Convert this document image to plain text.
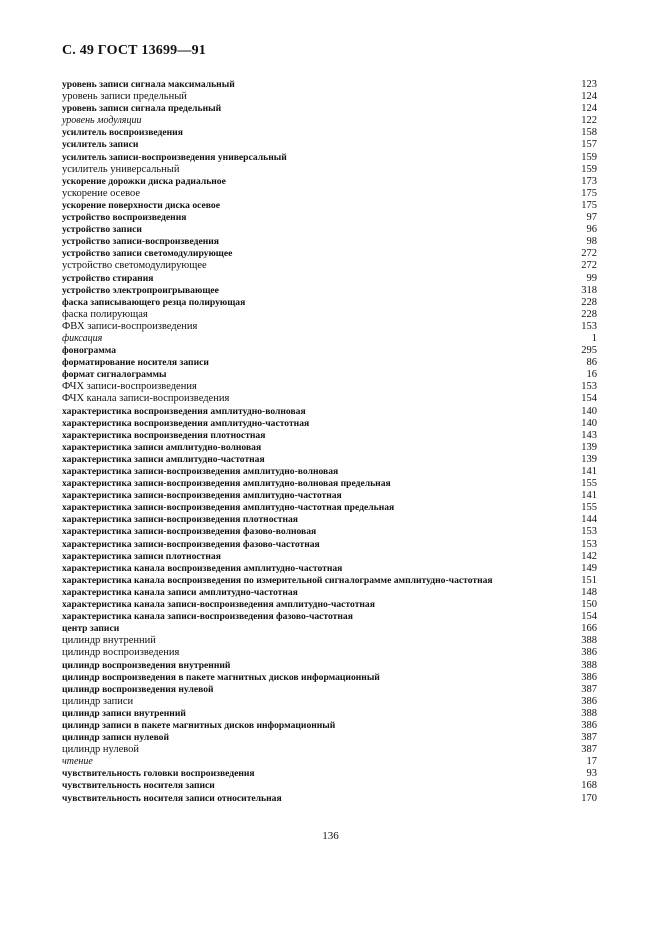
С. 49 ГОСТ 13699—91
уровень записи сигнала максимальный	123
уровень записи предельный	124
уровень записи сигнала предельный	124
уровень модуляции	122
усилитель воспроизведения	158
усилитель записи	157
усилитель записи-воспроизведения универсальный	159
усилитель универсальный	159
ускорение дорожки диска радиальное	173
ускорение осевое	175
ускорение поверхности диска осевое	175
устройство воспроизведения	97
устройство записи	96
устройство записи-воспроизведения	98
устройство записи светомодулирующее	272
устройство светомодулирующее	272
устройство стирания	99
устройство электропроигрывающее	318
фаска записывающего резца полирующая	228
фаска полирующая	228
ФВХ записи-воспроизведения	153
фиксация	1
фонограмма	295
форматирование носителя записи	86
формат сигналограммы	16
ФЧХ записи-воспроизведения	153
ФЧХ канала записи-воспроизведения	154
характеристика воспроизведения амплитудно-волновая	140
характеристика воспроизведения амплитудно-частотная	140
характеристика воспроизведения плотностная	143
характеристика записи амплитудно-волновая	139
характеристика записи амплитудно-частотная	139
характеристика записи-воспроизведения амплитудно-волновая	141
характеристика записи-воспроизведения амплитудно-волновая предельная	155
характеристика записи-воспроизведения амплитудно-частотная	141
характеристика записи-воспроизведения амплитудно-частотная предельная	155
характеристика записи-воспроизведения плотностная	144
характеристика записи-воспроизведения фазово-волновая	153
характеристика записи-воспроизведения фазово-частотная	153
характеристика записи плотностная	142
характеристика канала воспроизведения амплитудно-частотная	149
характеристика канала воспроизведения по измерительной сигналограмме амплитудно-частотная	151
характеристика канала записи амплитудно-частотная	148
характеристика канала записи-воспроизведения амплитудно-частотная	150
характеристика канала записи-воспроизведения фазово-частотная	154
центр записи	166
цилиндр внутренний	388
цилиндр воспроизведения	386
цилиндр воспроизведения внутренний	388
цилиндр воспроизведения в пакете магнитных дисков информационный	386
цилиндр воспроизведения нулевой	387
цилиндр записи	386
цилиндр записи внутренний	388
цилиндр записи в пакете магнитных дисков информационный	386
цилиндр записи нулевой	387
цилиндр нулевой	387
чтение	17
чувствительность головки воспроизведения	93
чувствительность носителя записи	168
чувствительность носителя записи относительная	170
136
